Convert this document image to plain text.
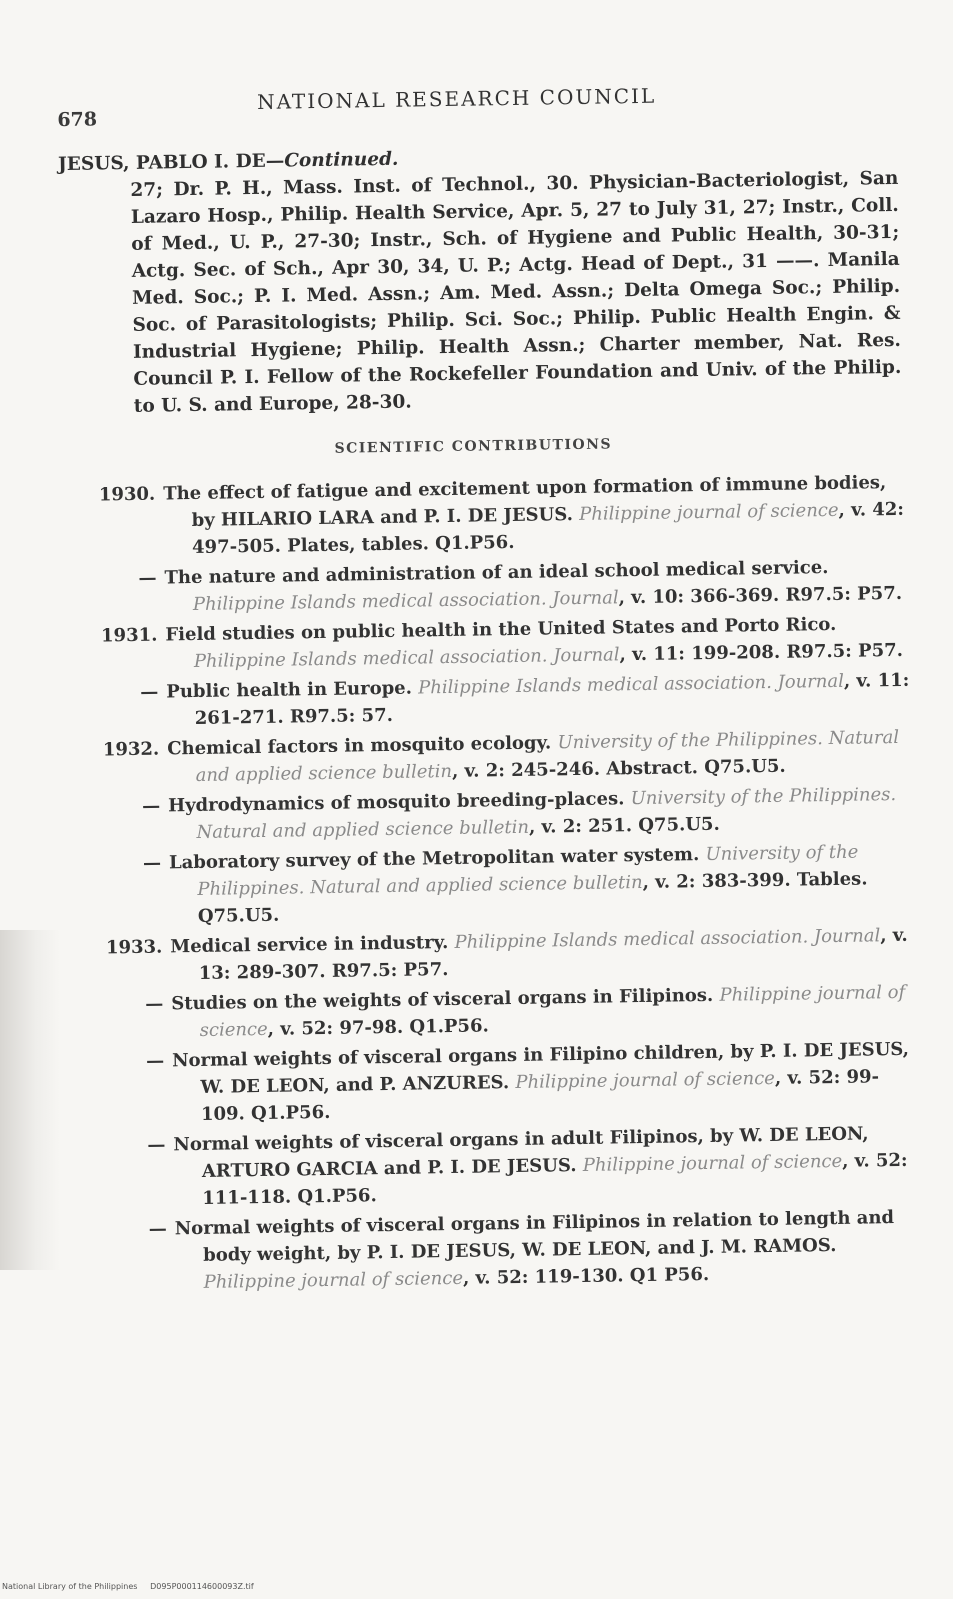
678
NATIONAL RESEARCH COUNCIL
JESUS, PABLO I. DE—Continued.
27; Dr. P. H., Mass. Inst. of Technol., 30. Physician-Bacteriologist, San Lazaro Hosp., Philip. Health Service, Apr. 5, 27 to July 31, 27; Instr., Coll. of Med., U. P., 27-30; Instr., Sch. of Hygiene and Public Health, 30-31; Actg. Sec. of Sch., Apr 30, 34, U. P.; Actg. Head of Dept., 31 ——. Manila Med. Soc.; P. I. Med. Assn.; Am. Med. Assn.; Delta Omega Soc.; Philip. Soc. of Parasitologists; Philip. Sci. Soc.; Philip. Public Health Engin. & Industrial Hygiene; Philip. Health Assn.; Charter member, Nat. Res. Council P. I. Fellow of the Rockefeller Foundation and Univ. of the Philip. to U. S. and Europe, 28-30.
SCIENTIFIC CONTRIBUTIONS
1930. The effect of fatigue and excitement upon formation of immune bodies, by HILARIO LARA and P. I. DE JESUS. Philippine journal of science, v. 42: 497-505. Plates, tables. Q1.P56.
— The nature and administration of an ideal school medical service. Philippine Islands medical association. Journal, v. 10: 366-369. R97.5: P57.
1931. Field studies on public health in the United States and Porto Rico. Philippine Islands medical association. Journal, v. 11: 199-208. R97.5: P57.
— Public health in Europe. Philippine Islands medical association. Journal, v. 11: 261-271. R97.5: 57.
1932. Chemical factors in mosquito ecology. University of the Philippines. Natural and applied science bulletin, v. 2: 245-246. Abstract. Q75.U5.
— Hydrodynamics of mosquito breeding-places. University of the Philippines. Natural and applied science bulletin, v. 2: 251. Q75.U5.
— Laboratory survey of the Metropolitan water system. University of the Philippines. Natural and applied science bulletin, v. 2: 383-399. Tables. Q75.U5.
1933. Medical service in industry. Philippine Islands medical association. Journal, v. 13: 289-307. R97.5: P57.
— Studies on the weights of visceral organs in Filipinos. Philippine journal of science, v. 52: 97-98. Q1.P56.
— Normal weights of visceral organs in Filipino children, by P. I. DE JESUS, W. DE LEON, and P. ANZURES. Philippine journal of science, v. 52: 99-109. Q1.P56.
— Normal weights of visceral organs in adult Filipinos, by W. DE LEON, ARTURO GARCIA and P. I. DE JESUS. Philippine journal of science, v. 52: 111-118. Q1.P56.
— Normal weights of visceral organs in Filipinos in relation to length and body weight, by P. I. DE JESUS, W. DE LEON, and J. M. RAMOS. Philippine journal of science, v. 52: 119-130. Q1 P56.
National Library of the Philippines     D095P000114600093Z.tif
